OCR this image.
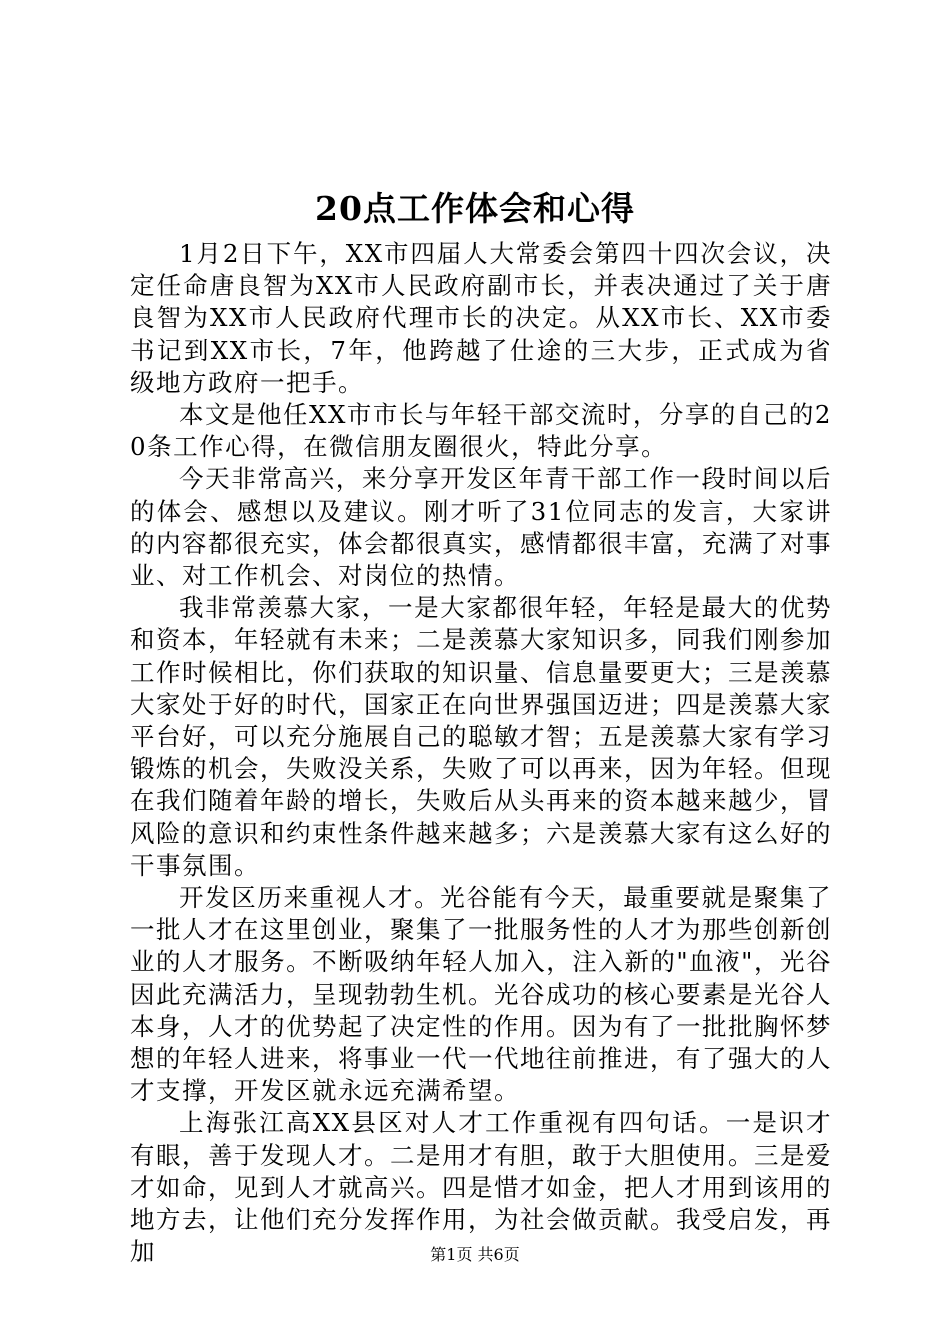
20点工作体会和心得

1月2日下午，XX市四届人大常委会第四十四次会议，决定任命唐良智为XX市人民政府副市长，并表决通过了关于唐良智为XX市人民政府代理市长的决定。从XX市长、XX市委书记到XX市长，7年，他跨越了仕途的三大步，正式成为省级地方政府一把手。

本文是他任XX市市长与年轻干部交流时，分享的自己的20条工作心得，在微信朋友圈很火，特此分享。

今天非常高兴，来分享开发区年青干部工作一段时间以后的体会、感想以及建议。刚才听了31位同志的发言，大家讲的内容都很充实，体会都很真实，感情都很丰富，充满了对事业、对工作机会、对岗位的热情。

我非常羡慕大家，一是大家都很年轻，年轻是最大的优势和资本，年轻就有未来；二是羡慕大家知识多，同我们刚参加工作时候相比，你们获取的知识量、信息量要更大；三是羡慕大家处于好的时代，国家正在向世界强国迈进；四是羡慕大家平台好，可以充分施展自己的聪敏才智；五是羡慕大家有学习锻炼的机会，失败没关系，失败了可以再来，因为年轻。但现在我们随着年龄的增长，失败后从头再来的资本越来越少，冒风险的意识和约束性条件越来越多；六是羡慕大家有这么好的干事氛围。

开发区历来重视人才。光谷能有今天，最重要就是聚集了一批人才在这里创业，聚集了一批服务性的人才为那些创新创业的人才服务。不断吸纳年轻人加入，注入新的"血液"，光谷因此充满活力，呈现勃勃生机。光谷成功的核心要素是光谷人本身，人才的优势起了决定性的作用。因为有了一批批胸怀梦想的年轻人进来，将事业一代一代地往前推进，有了强大的人才支撑，开发区就永远充满希望。

上海张江高XX县区对人才工作重视有四句话。一是识才有眼，善于发现人才。二是用才有胆，敢于大胆使用。三是爱才如命，见到人才就高兴。四是惜才如金，把人才用到该用的地方去，让他们充分发挥作用，为社会做贡献。我受启发，再加	第1页 共6页
